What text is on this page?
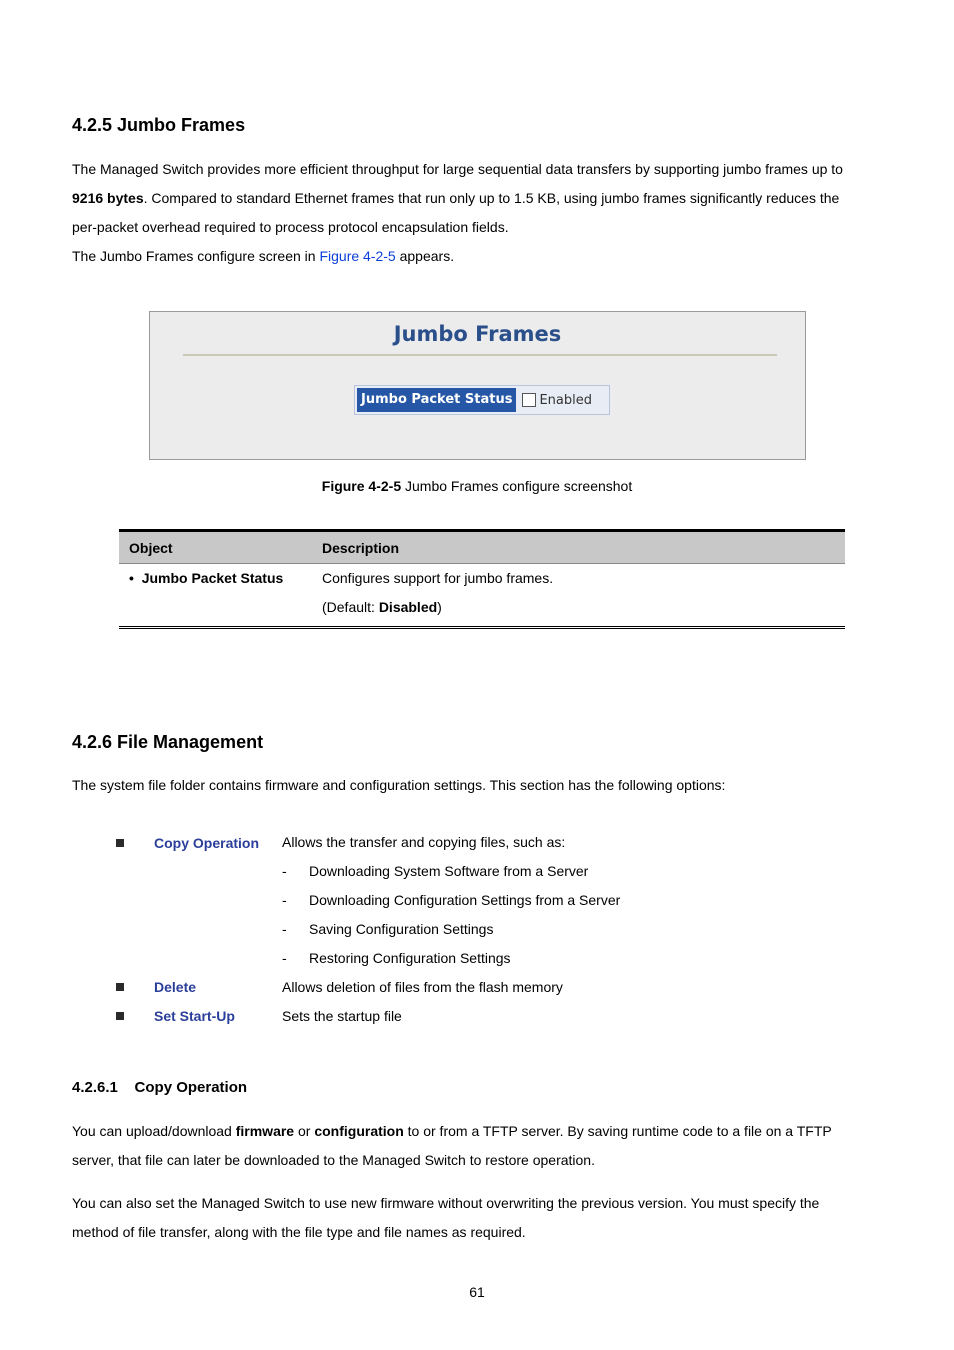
4.2.5 Jumbo Frames

The Managed Switch provides more efficient throughput for large sequential data transfers by supporting jumbo frames up to

9216 bytes. Compared to standard Ethernet frames that run only up to 1.5 KB, using jumbo frames significantly reduces the

per-packet overhead required to process protocol encapsulation fields.

The Jumbo Frames configure screen in Figure 4-2-5 appears.

Jumbo Frames
Jumbo Packet Status	Enabled
Figure 4-2-5 Jumbo Frames configure screenshot
Object	Description
• Jumbo Packet Status	Configures support for jumbo frames.

(Default: Disabled)

4.2.6 File Management

The system file folder contains firmware and configuration settings. This section has the following options:

Copy Operation Allows the transfer and copying files, such as:
- Downloading System Software from a Server
- Downloading Configuration Settings from a Server
- Saving Configuration Settings
- Restoring Configuration Settings
Delete	Allows deletion of files from the flash memory
Set Start-Up	Sets the startup file
4.2.6.1    Copy Operation

You can upload/download firmware or configuration to or from a TFTP server. By saving runtime code to a file on a TFTP

server, that file can later be downloaded to the Managed Switch to restore operation.

You can also set the Managed Switch to use new firmware without overwriting the previous version. You must specify the

method of file transfer, along with the file type and file names as required.

61
